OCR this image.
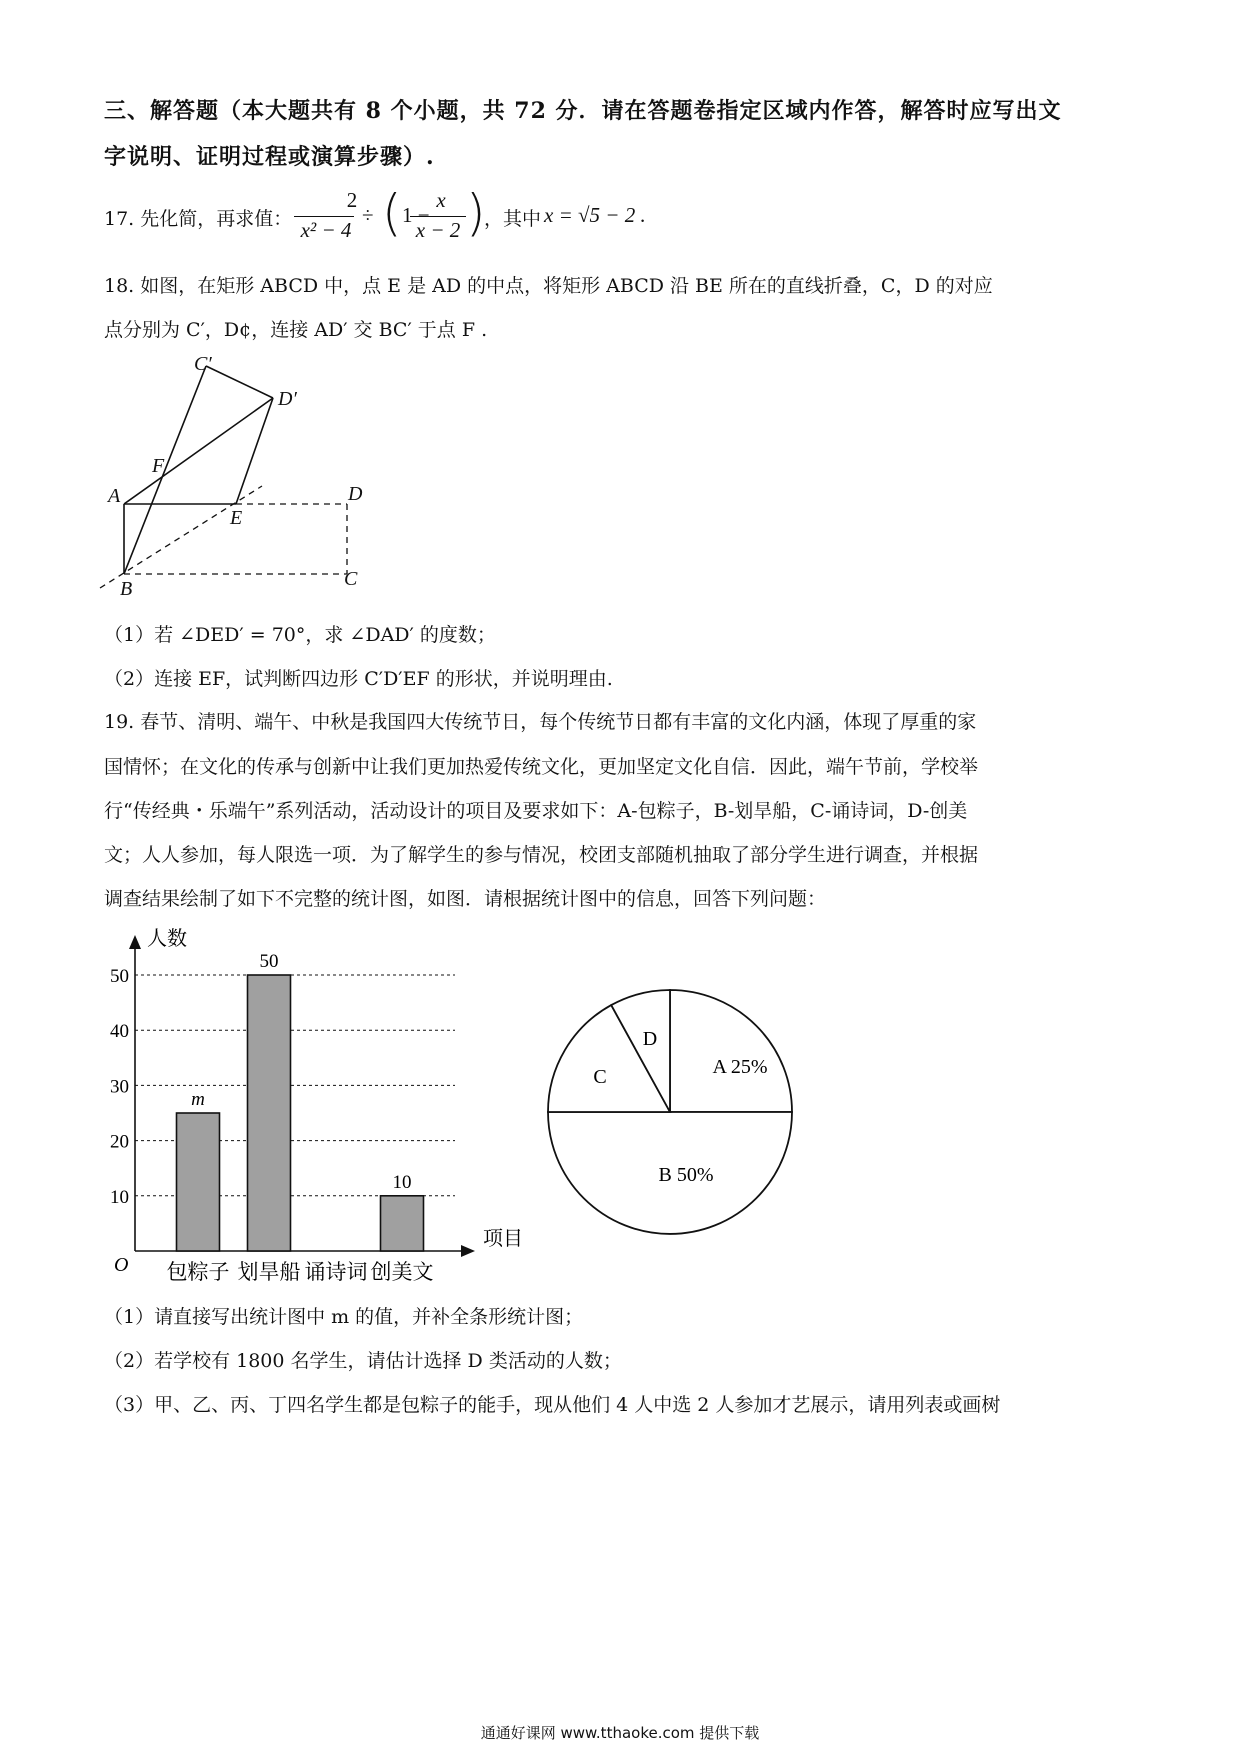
三、解答题（本大题共有 8 个小题，共 72 分．请在答题卷指定区域内作答，解答时应写出文
字说明、证明过程或演算步骤）.
17. 先化简，再求值：
2
x² − 4
÷ ( 1 −
x
x − 2 )
，其中 x = √5 − 2 .
18. 如图，在矩形 ABCD 中，点 E 是 AD 的中点，将矩形 ABCD 沿 BE 所在的直线折叠，C，D 的对应
点分别为 C′，D¢，连接 AD′ 交 BC′ 于点 F .
C′
D′
F
A
E
D
B	C
（1）若 ∠DED′ = 70°，求 ∠DAD′ 的度数；
（2）连接 EF，试判断四边形 C′D′EF 的形状，并说明理由.
19. 春节、清明、端午、中秋是我国四大传统节日，每个传统节日都有丰富的文化内涵，体现了厚重的家
国情怀；在文化的传承与创新中让我们更加热爱传统文化，更加坚定文化自信．因此，端午节前，学校举
行“传经典・乐端午”系列活动，活动设计的项目及要求如下：A-包粽子，B-划旱船，C-诵诗词，D-创美
文；人人参加，每人限选一项．为了解学生的参与情况，校团支部随机抽取了部分学生进行调查，并根据
调查结果绘制了如下不完整的统计图，如图．请根据统计图中的信息，回答下列问题：
人数
项目
O
10
20
30
40
50
m
包粽子
50
划旱船 诵诗词
10
创美文
A 25%
B 50%
C
D
（1）请直接写出统计图中 m 的值，并补全条形统计图；
（2）若学校有 1800 名学生，请估计选择 D 类活动的人数；
（3）甲、乙、丙、丁四名学生都是包粽子的能手，现从他们 4 人中选 2 人参加才艺展示，请用列表或画树
通通好课网 www.tthaoke.com 提供下载
